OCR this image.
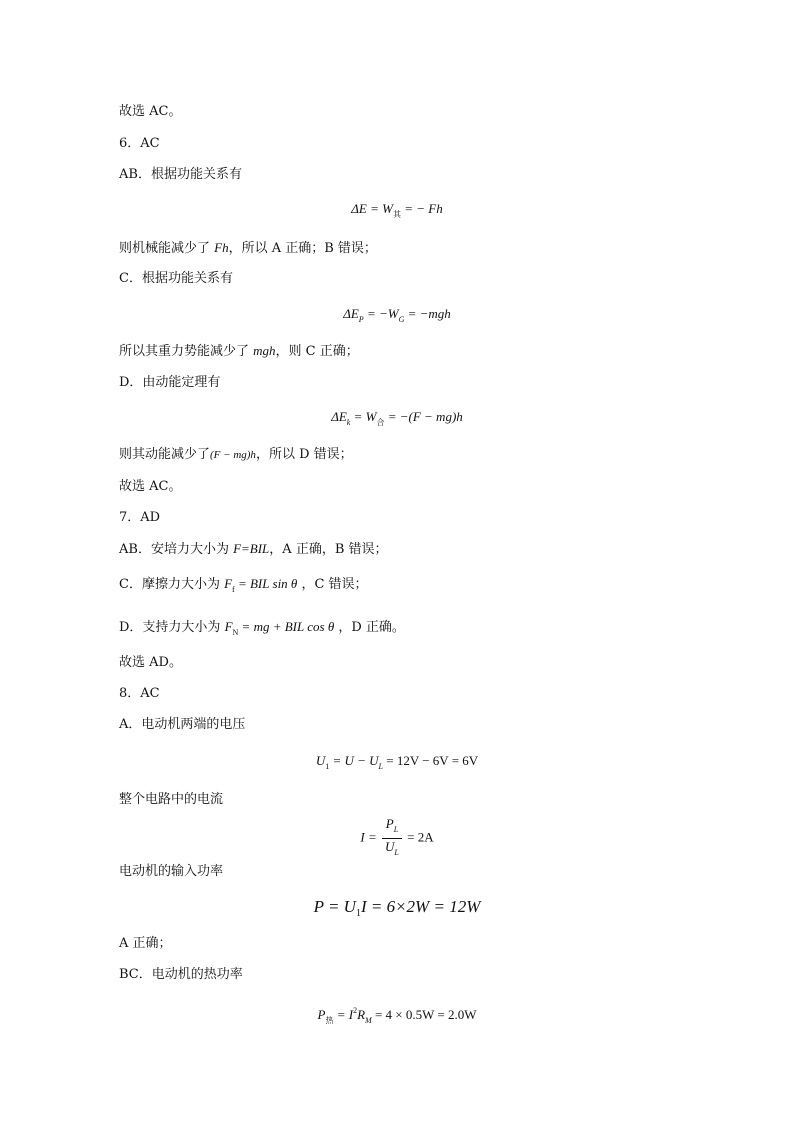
故选 AC。
6．AC
AB．根据功能关系有
$\Delta E = W_其$ = − Fh
则机械能减少了 Fh，所以 A 正确；B 错误；
C．根据功能关系有
$\Delta E_P = -W_G = -mgh$
所以其重力势能减少了 mgh，则 C 正确；
D．由动能定理有
$\Delta E_k = W_合 = -(F - mg)h$
则其动能减少了(F − mg)h，所以 D 错误；
故选 AC。
7．AD
AB．安培力大小为 F=BIL，A 正确，B 错误；
C．摩擦力大小为 $F_f$ = BIL sin θ ，C 错误；
D．支持力大小为 $F_N$ = mg + BIL cos θ ，D 正确。
故选 AD。
8．AC
A．电动机两端的电压
$U_1 = U - U_L = 12V - 6V = 6V$
整个电路中的电流
$I = \frac{P_L}{U_L} = 2A$
电动机的输入功率
$P = U_1I = 6\times 2W = 12W$
A 正确；
BC．电动机的热功率
$P_热 = I^2R_M = 4 \times 0.5W = 2.0W$
